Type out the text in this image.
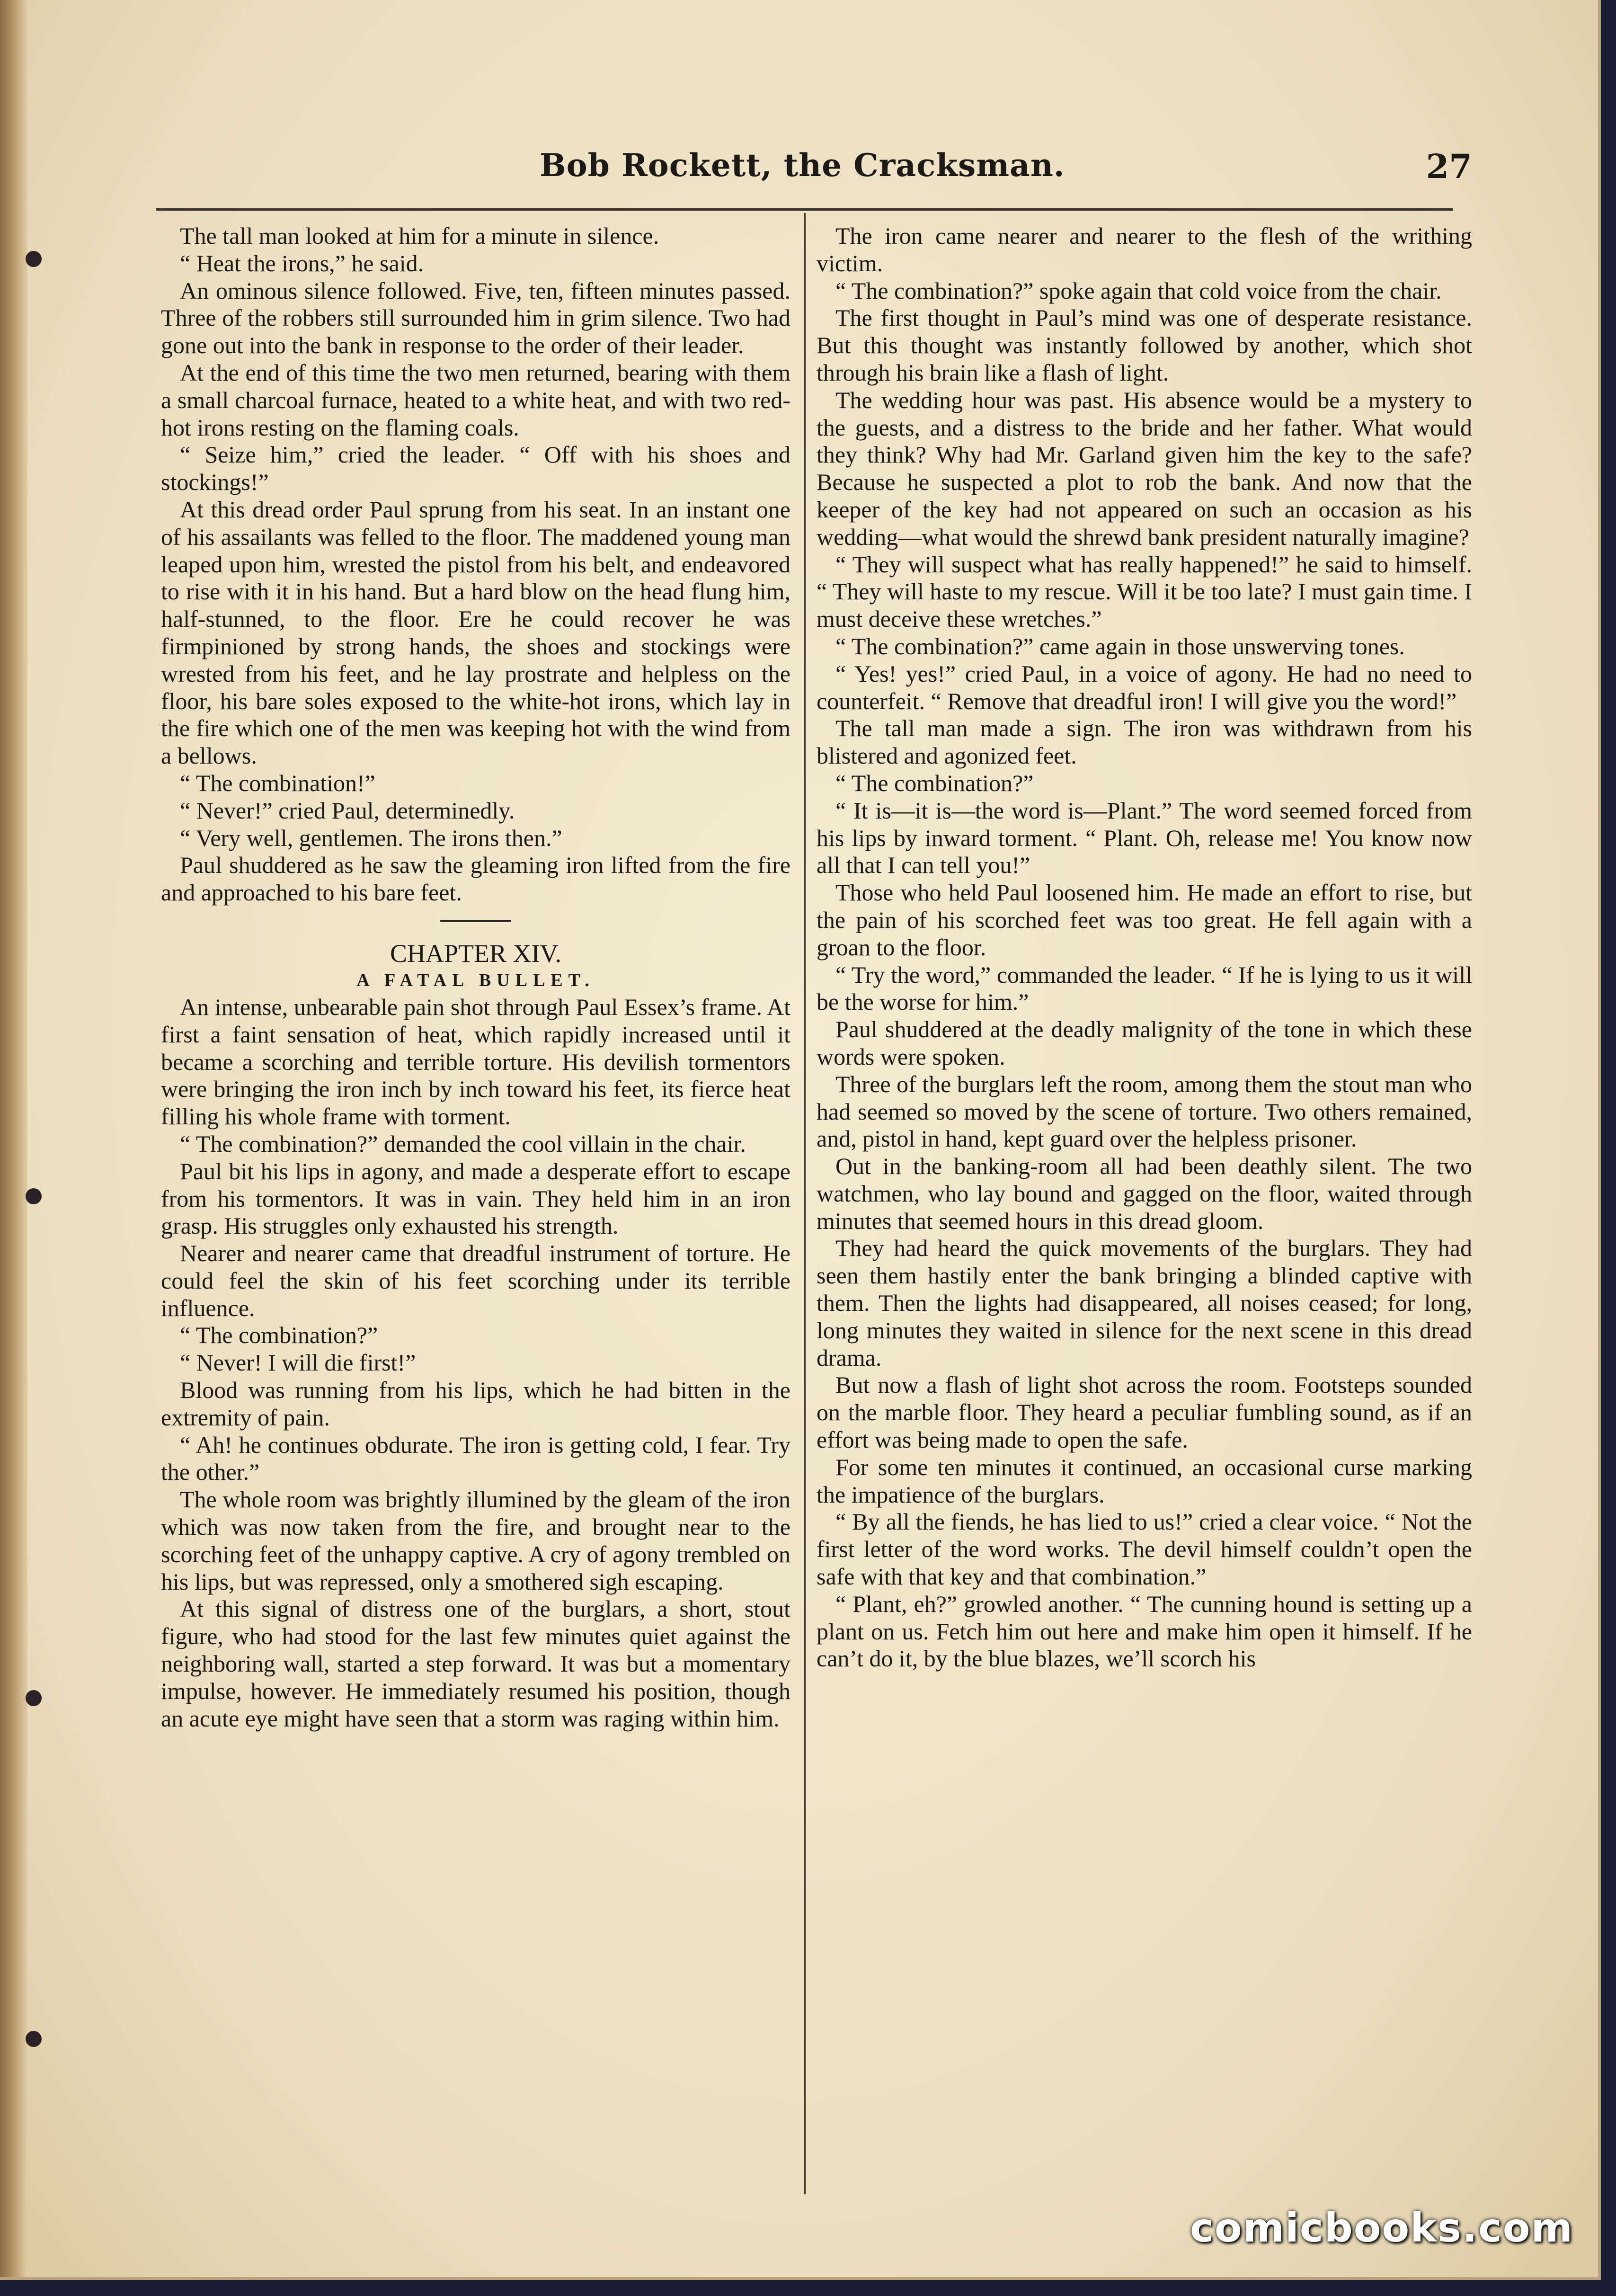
Bob Rockett, the Cracksman.	27

The tall man looked at him for a minute in silence.

“ Heat the irons,” he said.

An ominous silence followed. Five, ten, fifteen minutes passed. Three of the robbers still surrounded him in grim silence. Two had gone out into the bank in response to the order of their leader.

At the end of this time the two men returned, bearing with them a small charcoal furnace, heated to a white heat, and with two red-hot irons resting on the flaming coals.

“ Seize him,” cried the leader. “ Off with his shoes and stockings!”

At this dread order Paul sprung from his seat. In an instant one of his assailants was felled to the floor. The maddened young man leaped upon him, wrested the pistol from his belt, and endeavored to rise with it in his hand. But a hard blow on the head flung him, half-stunned, to the floor. Ere he could recover he was firmpinioned by strong hands, the shoes and stockings were wrested from his feet, and he lay prostrate and helpless on the floor, his bare soles exposed to the white-hot irons, which lay in the fire which one of the men was keeping hot with the wind from a bellows.

“ The combination!”

“ Never!” cried Paul, determinedly.

“ Very well, gentlemen. The irons then.”

Paul shuddered as he saw the gleaming iron lifted from the fire and approached to his bare feet.

CHAPTER XIV.

A FATAL BULLET.

An intense, unbearable pain shot through Paul Essex’s frame. At first a faint sensation of heat, which rapidly increased until it became a scorching and terrible torture. His devilish tormentors were bringing the iron inch by inch toward his feet, its fierce heat filling his whole frame with torment.

“ The combination?” demanded the cool villain in the chair.

Paul bit his lips in agony, and made a desperate effort to escape from his tormentors. It was in vain. They held him in an iron grasp. His struggles only exhausted his strength.

Nearer and nearer came that dreadful instrument of torture. He could feel the skin of his feet scorching under its terrible influence.

“ The combination?”

“ Never! I will die first!”

Blood was running from his lips, which he had bitten in the extremity of pain.

“ Ah! he continues obdurate. The iron is getting cold, I fear. Try the other.”

The whole room was brightly illumined by the gleam of the iron which was now taken from the fire, and brought near to the scorching feet of the unhappy captive. A cry of agony trembled on his lips, but was repressed, only a smothered sigh escaping.

At this signal of distress one of the burglars, a short, stout figure, who had stood for the last few minutes quiet against the neighboring wall, started a step forward. It was but a momentary impulse, however. He immediately resumed his position, though an acute eye might have seen that a storm was raging within him.

The iron came nearer and nearer to the flesh of the writhing victim.

“ The combination?” spoke again that cold voice from the chair.

The first thought in Paul’s mind was one of desperate resistance. But this thought was instantly followed by another, which shot through his brain like a flash of light.

The wedding hour was past. His absence would be a mystery to the guests, and a distress to the bride and her father. What would they think? Why had Mr. Garland given him the key to the safe? Because he suspected a plot to rob the bank. And now that the keeper of the key had not appeared on such an occasion as his wedding—what would the shrewd bank president naturally imagine?

“ They will suspect what has really happened!” he said to himself. “ They will haste to my rescue. Will it be too late? I must gain time. I must deceive these wretches.”

“ The combination?” came again in those unswerving tones.

“ Yes! yes!” cried Paul, in a voice of agony. He had no need to counterfeit. “ Remove that dreadful iron! I will give you the word!”

The tall man made a sign. The iron was withdrawn from his blistered and agonized feet.

“ The combination?”

“ It is—it is—the word is—Plant.” The word seemed forced from his lips by inward torment. “ Plant. Oh, release me! You know now all that I can tell you!”

Those who held Paul loosened him. He made an effort to rise, but the pain of his scorched feet was too great. He fell again with a groan to the floor.

“ Try the word,” commanded the leader. “ If he is lying to us it will be the worse for him.”

Paul shuddered at the deadly malignity of the tone in which these words were spoken.

Three of the burglars left the room, among them the stout man who had seemed so moved by the scene of torture. Two others remained, and, pistol in hand, kept guard over the helpless prisoner.

Out in the banking-room all had been deathly silent. The two watchmen, who lay bound and gagged on the floor, waited through minutes that seemed hours in this dread gloom.

They had heard the quick movements of the burglars. They had seen them hastily enter the bank bringing a blinded captive with them. Then the lights had disappeared, all noises ceased; for long, long minutes they waited in silence for the next scene in this dread drama.

But now a flash of light shot across the room. Footsteps sounded on the marble floor. They heard a peculiar fumbling sound, as if an effort was being made to open the safe.

For some ten minutes it continued, an occasional curse marking the impatience of the burglars.

“ By all the fiends, he has lied to us!” cried a clear voice. “ Not the first letter of the word works. The devil himself couldn’t open the safe with that key and that combination.”

“ Plant, eh?” growled another. “ The cunning hound is setting up a plant on us. Fetch him out here and make him open it himself. If he can’t do it, by the blue blazes, we’ll scorch his

comicbooks.com
